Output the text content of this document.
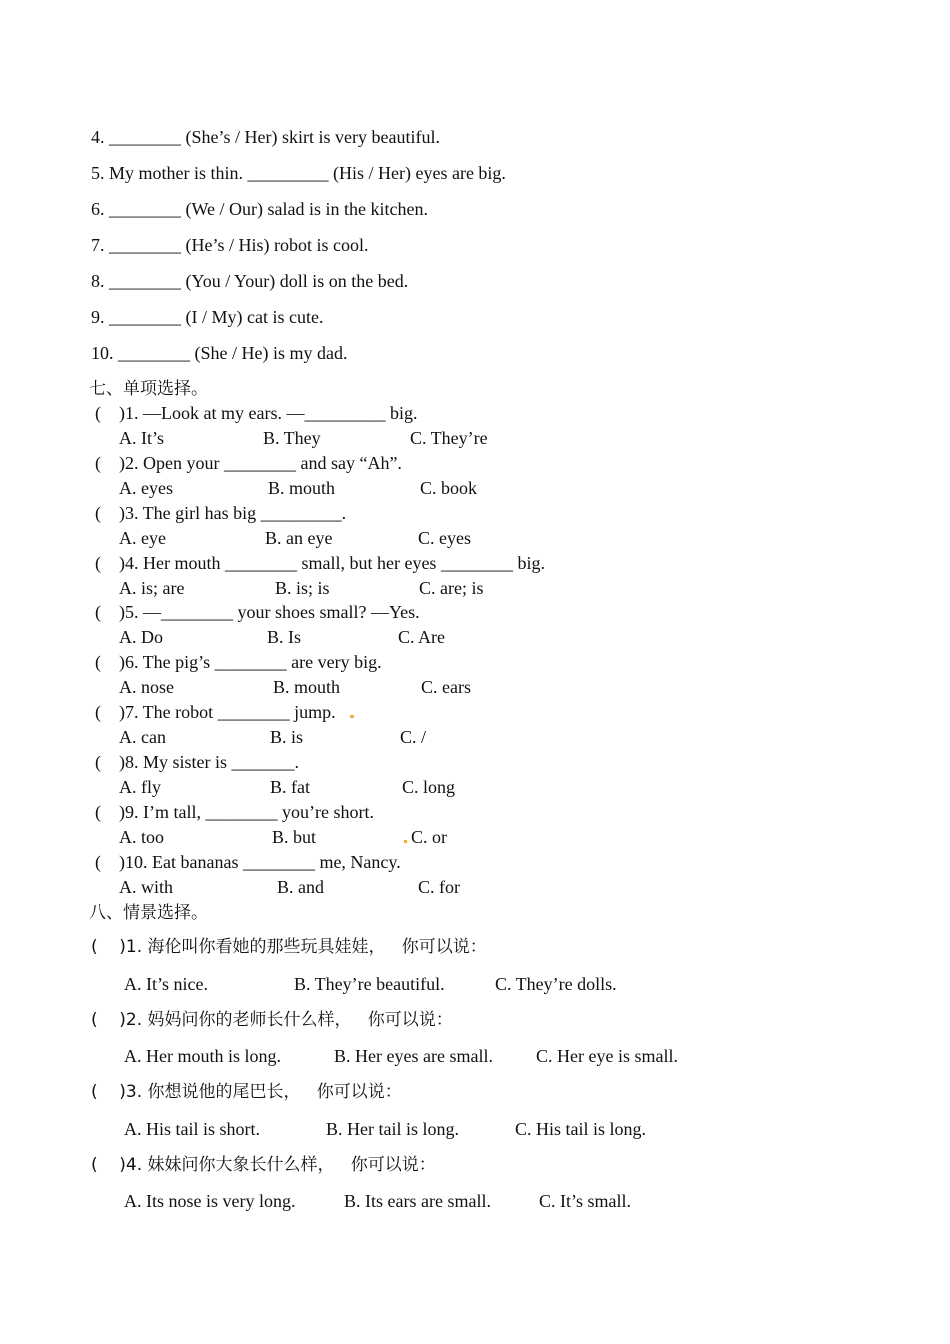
4. ________ (She’s / Her) skirt is very beautiful.
5. My mother is thin. _________ (His / Her) eyes are big.
6. ________ (We / Our) salad is in the kitchen.
7. ________ (He’s / His) robot is cool.
8. ________ (You / Your) doll is on the bed.
9. ________ (I / My) cat is cute.
10. ________ (She / He) is my dad.
七、单项选择。
(    )1. —Look at my ears. —_________ big.
A. It’s	B. They	C. They’re
(    )2. Open your ________ and say “Ah”.
A. eyes	B. mouth	C. book
(    )3. The girl has big _________.
A. eye	B. an eye	C. eyes
(    )4. Her mouth ________ small, but her eyes ________ big.
A. is; are	B. is; is	C. are; is
(    )5. —________ your shoes small? —Yes.
A. Do	B. Is	C. Are
(    )6. The pig’s ________ are very big.
A. nose	B. mouth	C. ears
(    )7. The robot ________ jump.
A. can	B. is	C. /
(    )8. My sister is _______.
A. fly	B. fat	C. long
(    )9. I’m tall, ________ you’re short.
A. too	B. but	C. or
(    )10. Eat bananas ________ me, Nancy.
A. with	B. and	C. for
八、情景选择。
(    )1. 海伦叫你看她的那些玩具娃娃，   你可以说：
A. It’s nice.	B. They’re beautiful.	C. They’re dolls.
(    )2. 妈妈问你的老师长什么样，   你可以说：
A. Her mouth is long.	B. Her eyes are small. C. Her eye is small.
(    )3. 你想说他的尾巴长，   你可以说：
A. His tail is short.	B. Her tail is long.	C. His tail is long.
(    )4. 妹妹问你大象长什么样，   你可以说：
A. Its nose is very long.	B. Its ears are small.	C. It’s small.
